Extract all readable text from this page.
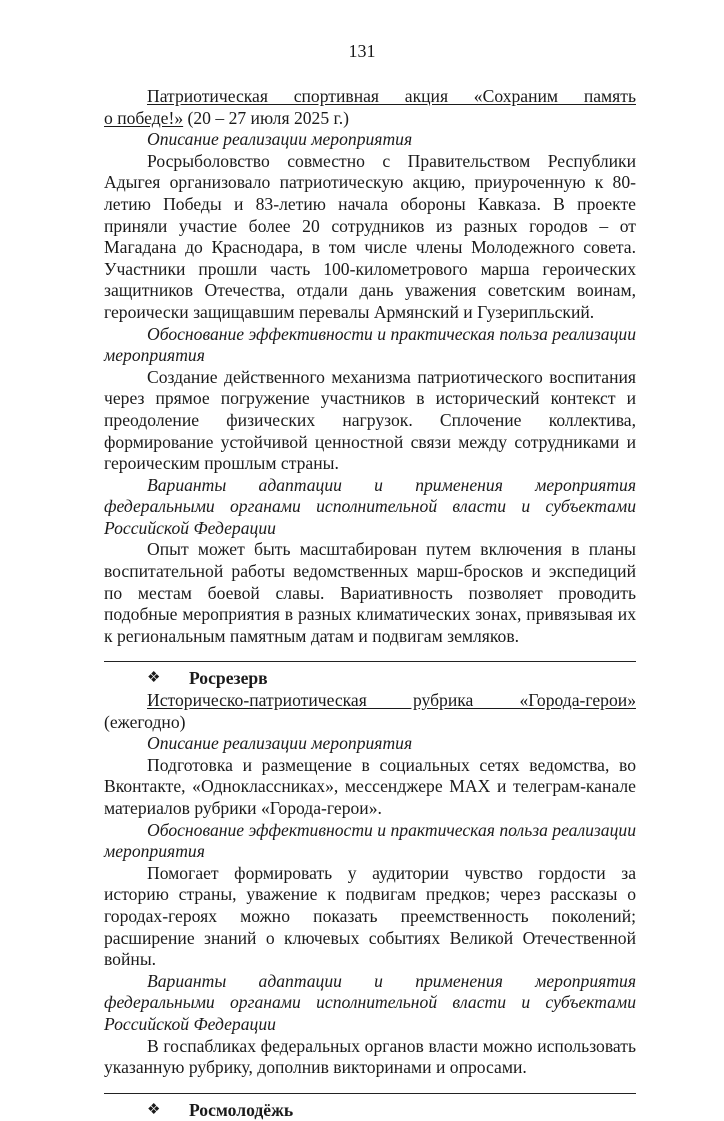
131

Патриотическая спортивная акция «Сохраним память

о победе!» (20 – 27 июля 2025 г.)

Описание реализации мероприятия

Росрыболовство совместно с Правительством Республики Адыгея организовало патриотическую акцию, приуроченную к 80-летию Победы и 83-летию начала обороны Кавказа. В проекте приняли участие более 20 сотрудников из разных городов – от Магадана до Краснодара, в том числе члены Молодежного совета. Участники прошли часть 100-километрового марша героических защитников Отечества, отдали дань уважения советским воинам, героически защищавшим перевалы Армянский и Гузерипльский.

Обоснование эффективности и практическая польза реализации мероприятия

Создание действенного механизма патриотического воспитания через прямое погружение участников в исторический контекст и преодоление физических нагрузок. Сплочение коллектива, формирование устойчивой ценностной связи между сотрудниками и героическим прошлым страны.

Варианты адаптации и применения мероприятия федеральными органами исполнительной власти и субъектами Российской Федерации

Опыт может быть масштабирован путем включения в планы воспитательной работы ведомственных марш-бросков и экспедиций по местам боевой славы. Вариативность позволяет проводить подобные мероприятия в разных климатических зонах, привязывая их к региональным памятным датам и подвигам земляков.

❖	Росрезерв

Историческо-патриотическая рубрика «Города-герои» (ежегодно)

Описание реализации мероприятия

Подготовка и размещение в социальных сетях ведомства, во Вконтакте, «Одноклассниках», мессенджере MAX и телеграм-канале материалов рубрики «Города-герои».

Обоснование эффективности и практическая польза реализации мероприятия

Помогает формировать у аудитории чувство гордости за историю страны, уважение к подвигам предков; через рассказы о городах-героях можно показать преемственность поколений; расширение знаний о ключевых событиях Великой Отечественной войны.

Варианты адаптации и применения мероприятия федеральными органами исполнительной власти и субъектами Российской Федерации

В госпабликах федеральных органов власти можно использовать указанную рубрику, дополнив викторинами и опросами.

❖	Росмолодёжь
